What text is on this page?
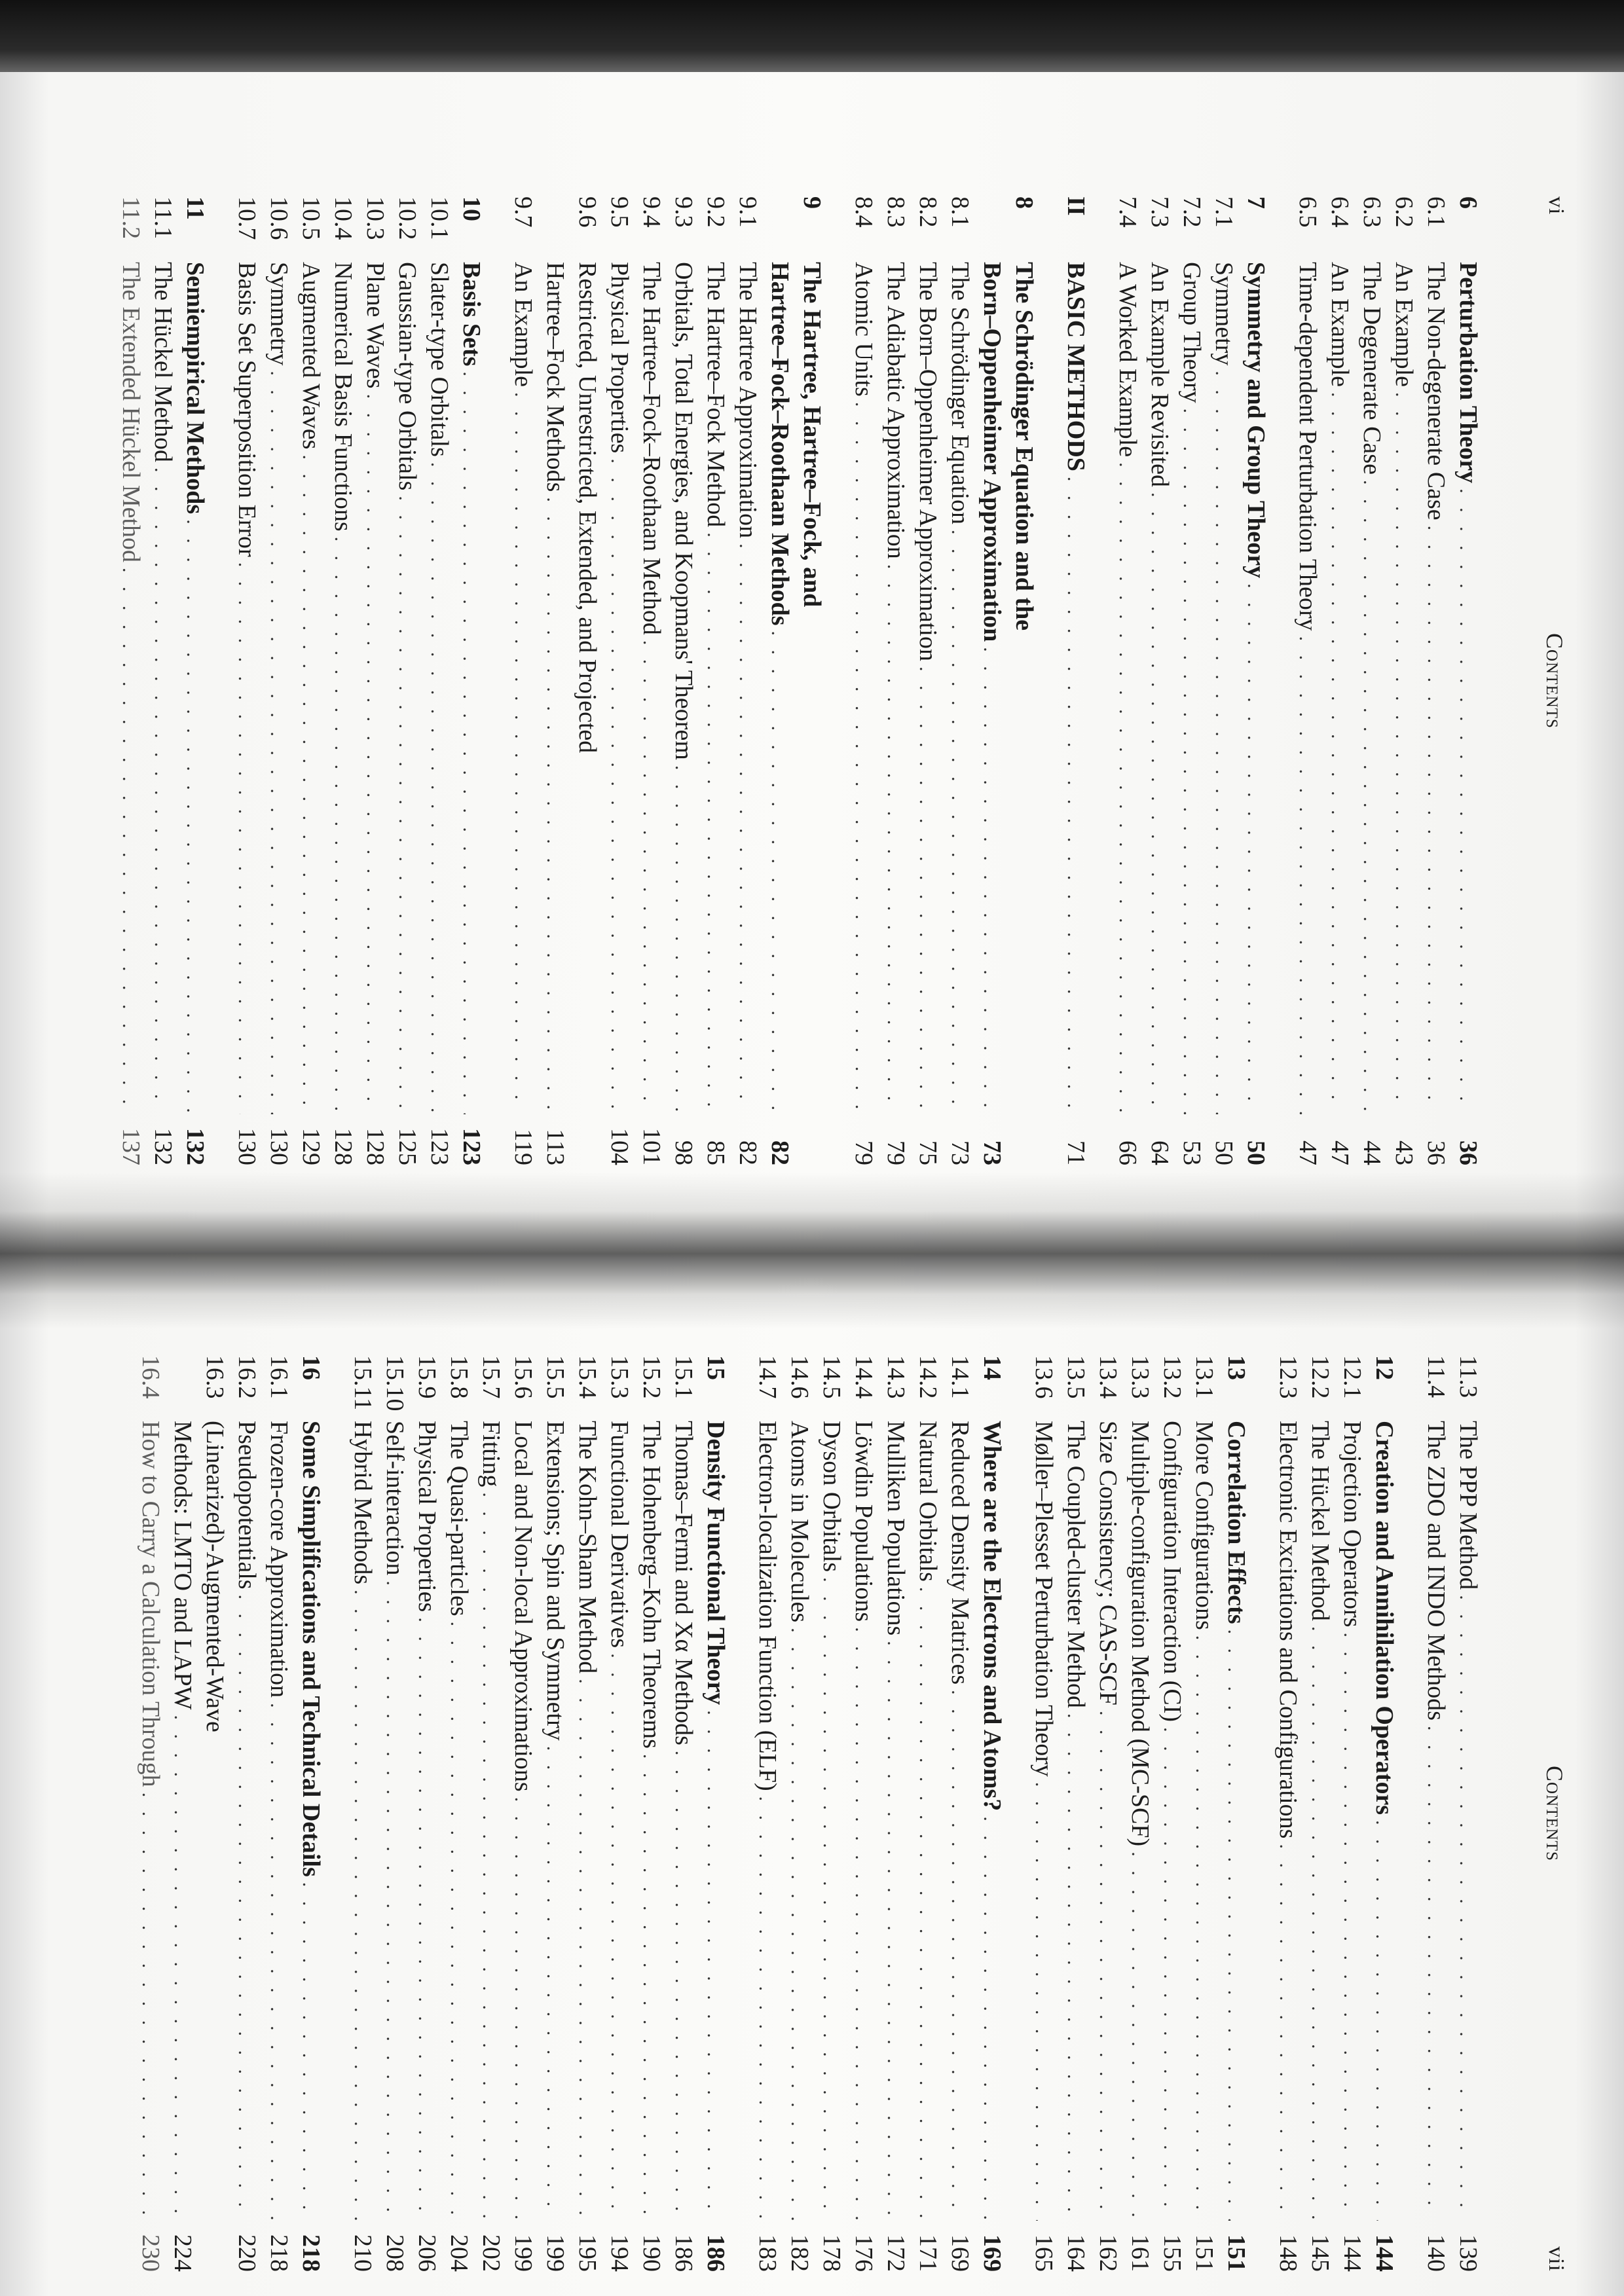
vi
Contents
6
Perturbation Theory
. . .
36
6.1
The Non-degenerate Case
. . .
36
6.2
An Example
. . .
43
6.3
The Degenerate Case
. . .
44
6.4
An Example
. . .
47
6.5
Time-dependent Perturbation Theory
. . .
47
7
Symmetry and Group Theory
. . .
50
7.1
Symmetry
. . .
50
7.2
Group Theory
. . .
53
7.3
An Example Revisited
. . .
64
7.4
A Worked Example
. . .
66
II
BASIC METHODS
. . .
71
8
The Schrödinger Equation and the
Born–Oppenheimer Approximation
. . .
73
8.1
The Schrödinger Equation
. . .
73
8.2
The Born–Oppenheimer Approximation
. . .
75
8.3
The Adiabatic Approximation
. . .
79
8.4
Atomic Units
. . .
79
9
The Hartree, Hartree–Fock, and
Hartree–Fock–Roothaan Methods
. . .
82
9.1
The Hartree Approximation
. . .
82
9.2
The Hartree–Fock Method
. . .
85
9.3
Orbitals, Total Energies, and Koopmans' Theorem
. . .
98
9.4
The Hartree–Fock–Roothaan Method
. . .
101
9.5
Physical Properties
. . .
104
9.6
Restricted, Unrestricted, Extended, and Projected
Hartree–Fock Methods
. . .
113
9.7
An Example
. . .
119
10
Basis Sets
. . .
123
10.1
Slater-type Orbitals
. . .
123
10.2
Gaussian-type Orbitals
. . .
125
10.3
Plane Waves
. . .
128
10.4
Numerical Basis Functions
. . .
128
10.5
Augmented Waves
. . .
129
10.6
Symmetry
. . .
130
10.7
Basis Set Superposition Error
. . .
130
11
Semiempirical Methods
. . .
132
11.1
The Hückel Method
. . .
132
11.2
The Extended Hückel Method
. . .
137
Contents
vii
11.3
The PPP Method
. . .
139
11.4
The ZDO and INDO Methods
. . .
140
12
Creation and Annihilation Operators
. . .
144
12.1
Projection Operators
. . .
144
12.2
The Hückel Method
. . .
145
12.3
Electronic Excitations and Configurations
. . .
148
13
Correlation Effects
. . .
151
13.1
More Configurations
. . .
151
13.2
Configuration Interaction (CI)
. . .
155
13.3
Multiple-configuration Method (MC-SCF)
. . .
161
13.4
Size Consistency; CAS-SCF
. . .
162
13.5
The Coupled-cluster Method
. . .
164
13.6
Møller–Plesset Perturbation Theory
. . .
165
14
Where are the Electrons and Atoms?
. . .
169
14.1
Reduced Density Matrices
. . .
169
14.2
Natural Orbitals
. . .
171
14.3
Mulliken Populations
. . .
172
14.4
Löwdin Populations
. . .
176
14.5
Dyson Orbitals
. . .
178
14.6
Atoms in Molecules
. . .
182
14.7
Electron-localization Function (ELF)
. . .
183
15
Density Functional Theory
. . .
186
15.1
Thomas–Fermi and Xα Methods
. . .
186
15.2
The Hohenberg–Kohn Theorems
. . .
190
15.3
Functional Derivatives
. . .
194
15.4
The Kohn–Sham Method
. . .
195
15.5
Extensions; Spin and Symmetry
. . .
199
15.6
Local and Non-local Approximations
. . .
199
15.7
Fitting
. . .
202
15.8
The Quasi-particles
. . .
204
15.9
Physical Properties
. . .
206
15.10
Self-interaction
. . .
208
15.11
Hybrid Methods
. . .
210
16
Some Simplifications and Technical Details
. . .
218
16.1
Frozen-core Approximation
. . .
218
16.2
Pseudopotentials
. . .
220
16.3
(Linearized)-Augmented-Wave
Methods: LMTO and LAPW
. . .
224
16.4
How to Carry a Calculation Through
. . .
230
